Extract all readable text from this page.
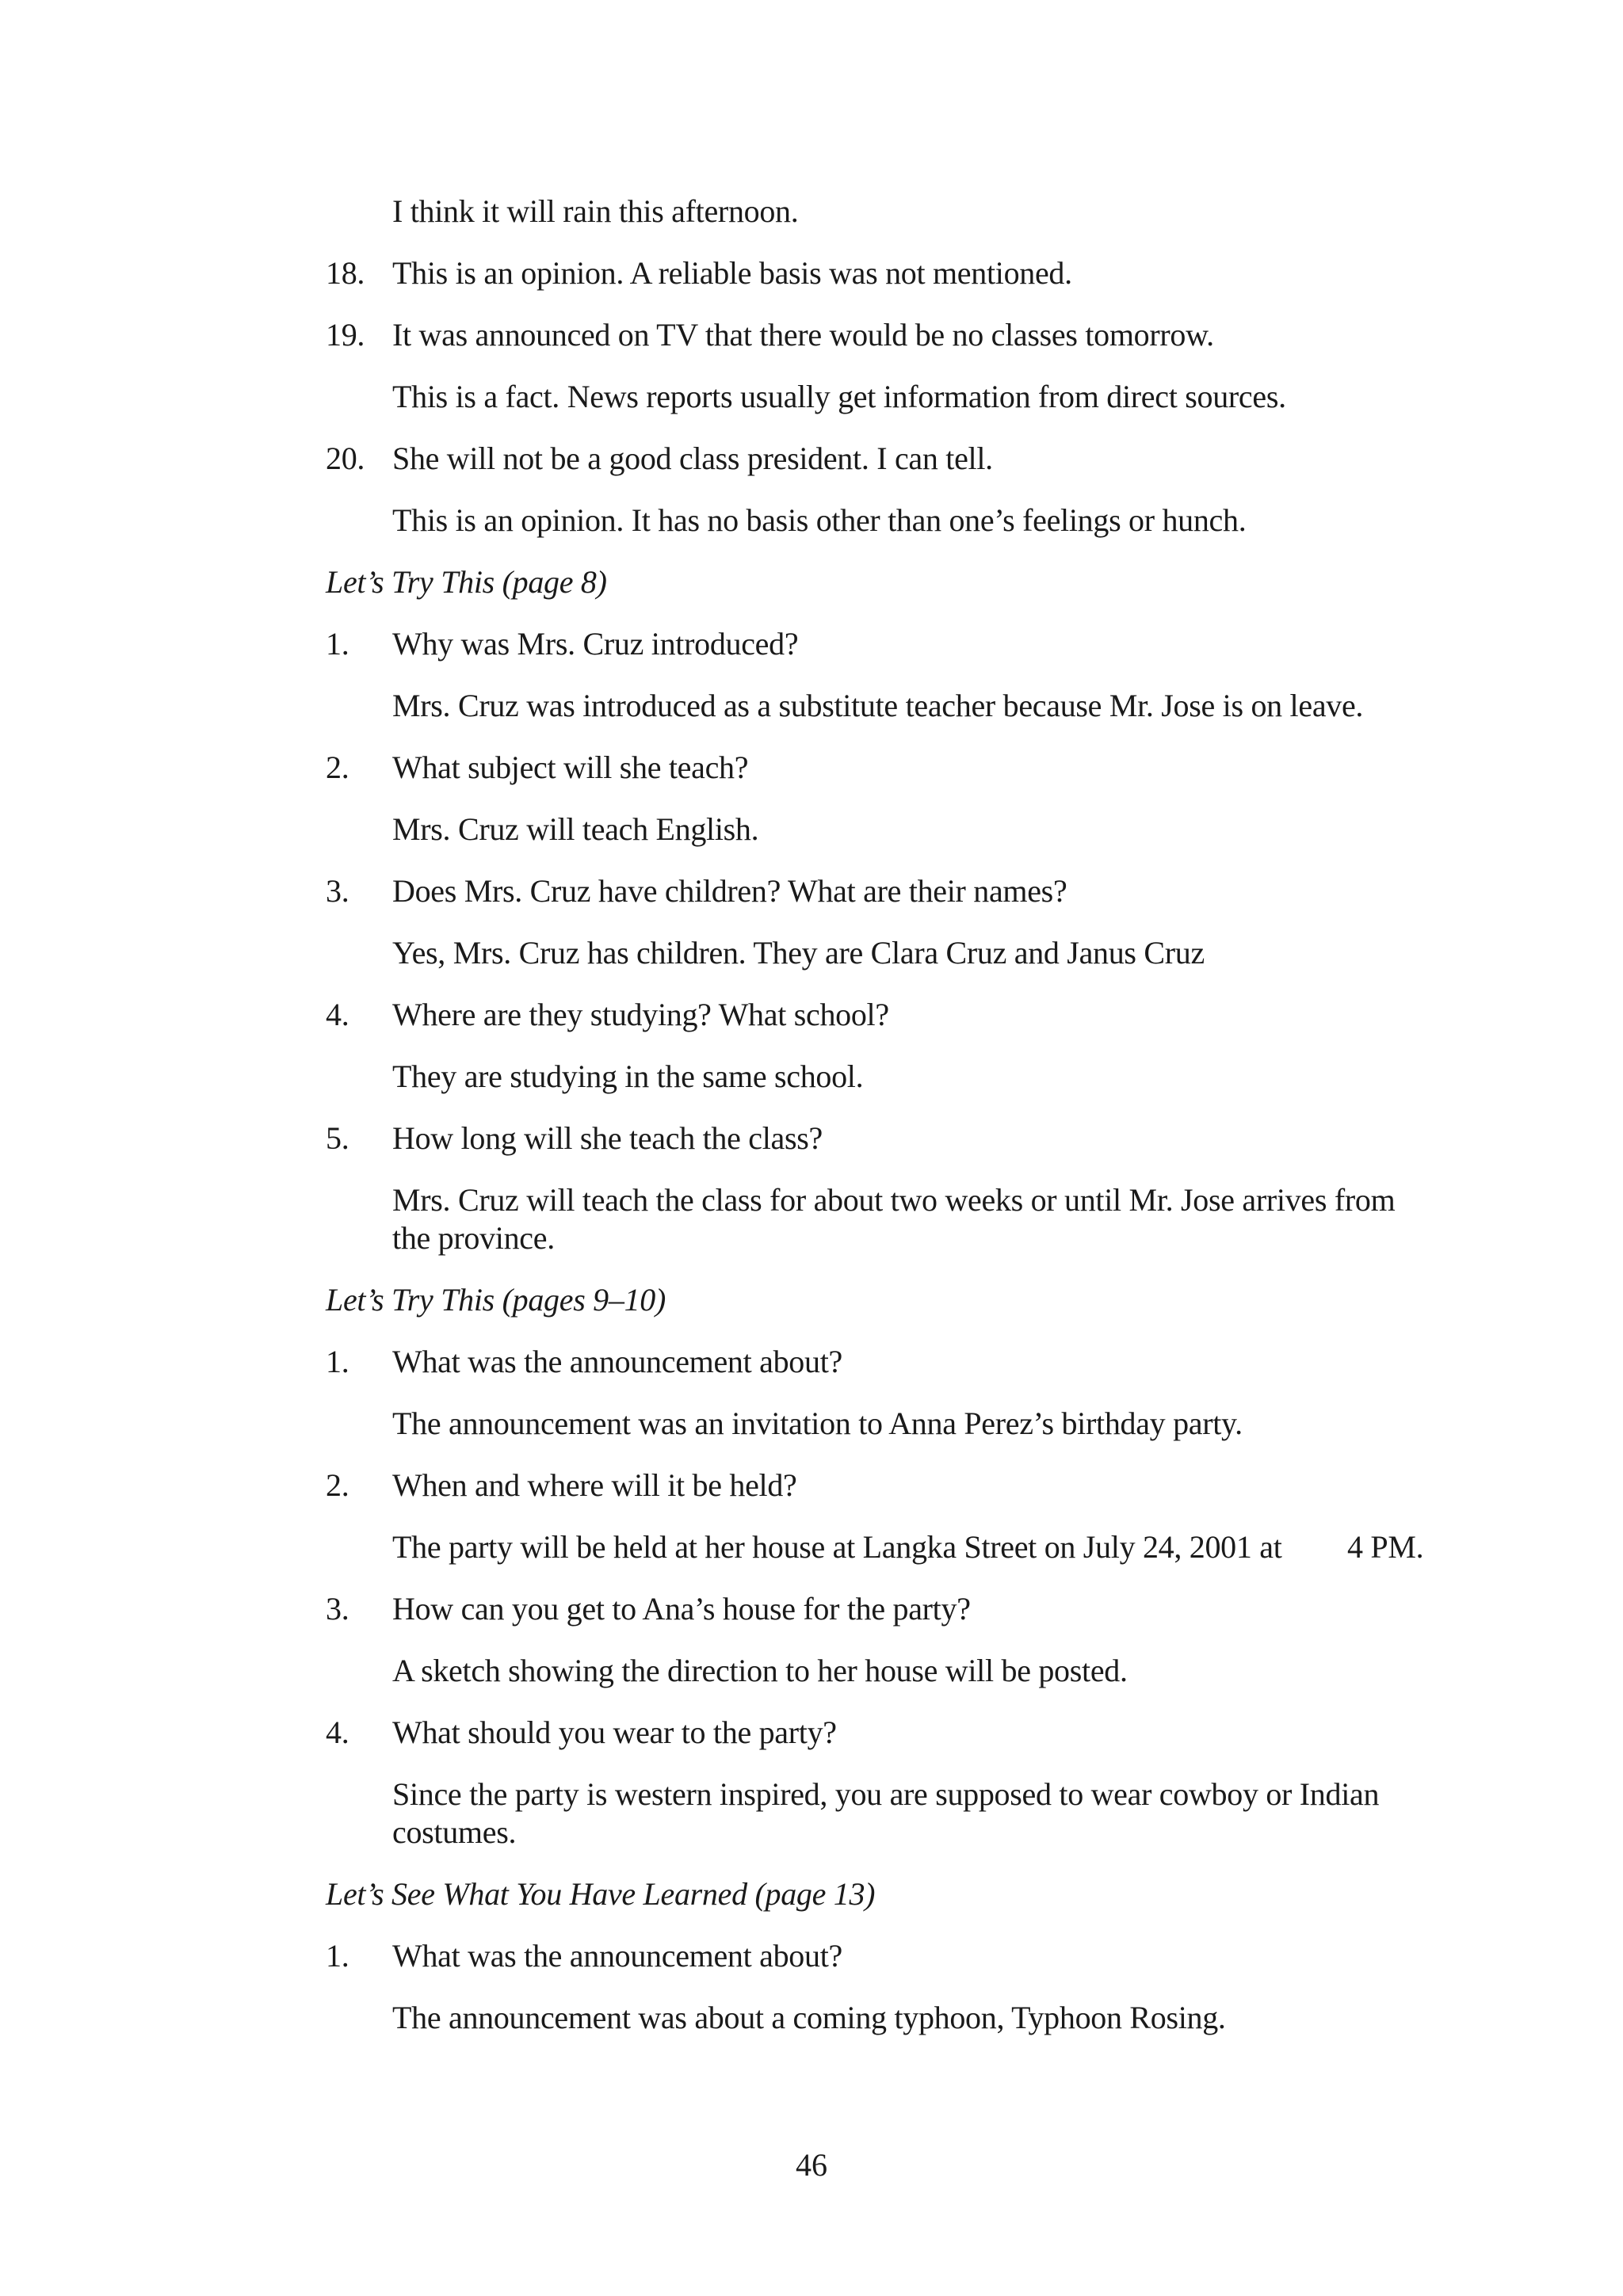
I think it will rain this afternoon.
18. This is an opinion. A reliable basis was not mentioned.
19. It was announced on TV that there would be no classes tomorrow.
This is a fact. News reports usually get information from direct sources.
20. She will not be a good class president. I can tell.
This is an opinion. It has no basis other than one’s feelings or hunch.
Let’s Try This (page 8)
1. Why was Mrs. Cruz introduced?
Mrs. Cruz was introduced as a substitute teacher because Mr. Jose is on leave.
2. What subject will she teach?
Mrs. Cruz will teach English.
3. Does Mrs. Cruz have children? What are their names?
Yes, Mrs. Cruz has children. They are Clara Cruz and Janus Cruz
4. Where are they studying? What school?
They are studying in the same school.
5. How long will she teach the class?
Mrs. Cruz will teach the class for about two weeks or until Mr. Jose arrives from
the province.
Let’s Try This (pages 9–10)
1. What was the announcement about?
The announcement was an invitation to Anna Perez’s birthday party.
2. When and where will it be held?
The party will be held at her house at Langka Street on July 24, 2001 at 4 PM.
3. How can you get to Ana’s house for the party?
A sketch showing the direction to her house will be posted.
4. What should you wear to the party?
Since the party is western inspired, you are supposed to wear cowboy or Indian
costumes.
Let’s See What You Have Learned (page 13)
1. What was the announcement about?
The announcement was about a coming typhoon, Typhoon Rosing.
46
